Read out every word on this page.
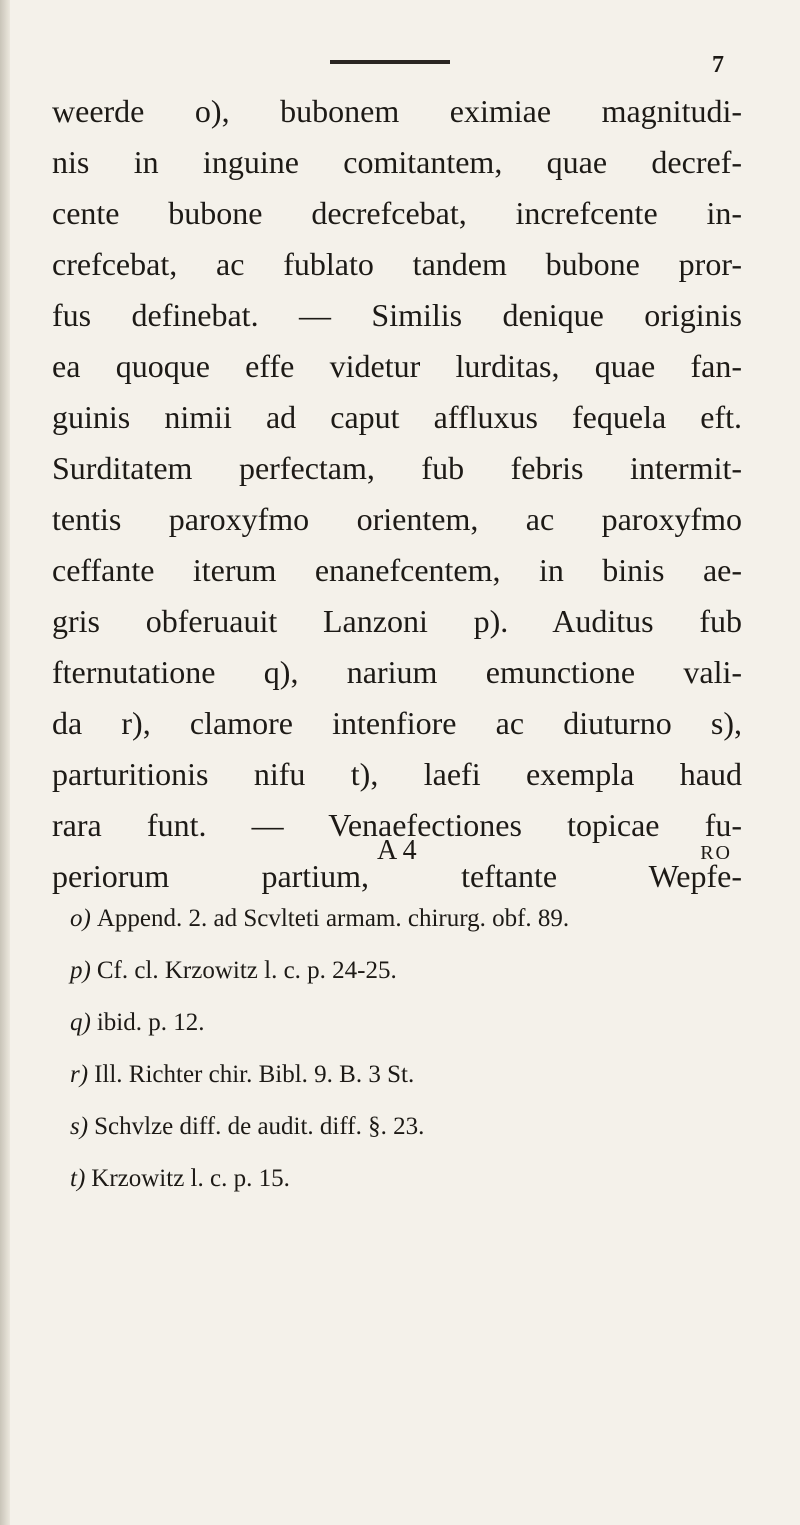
7
weerde o), bubonem eximiae magnitudi-
nis in inguine comitantem, quae decref-
cente bubone decrefcebat, increfcente in-
crefcebat, ac fublato tandem bubone pror-
fus definebat. — Similis denique originis
ea quoque effe videtur lurditas, quae fan-
guinis nimii ad caput affluxus fequela eft.
Surditatem perfectam, fub febris intermit-
tentis paroxyfmo orientem, ac paroxyfmo
ceffante iterum enanefcentem, in binis ae-
gris obferuauit Lanzoni p). Auditus fub
fternutatione q), narium emunctione vali-
da r), clamore intenfiore ac diuturno s),
parturitionis nifu t), laefi exempla haud
rara funt. — Venaefectiones topicae fu-
periorum partium, teftante Wepfe-
A 4	ro
o) Append. 2. ad Scvlteti armam. chirurg. obf. 89.
p) Cf. cl. Krzowitz l. c. p. 24-25.
q) ibid. p. 12.
r) Ill. Richter chir. Bibl. 9. B. 3 St.
s) Schvlze diff. de audit. diff. §. 23.
t) Krzowitz l. c. p. 15.
